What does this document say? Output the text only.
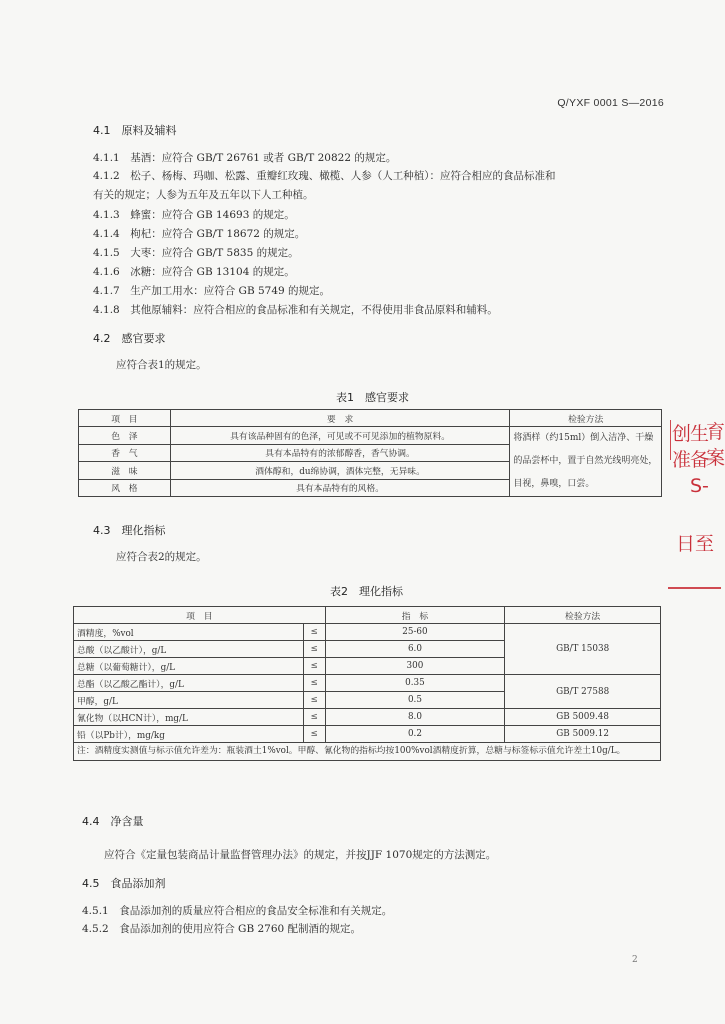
Q/YXF 0001 S—2016
4.1　原料及辅料
4.1.1　基酒：应符合 GB/T 26761 或者 GB/T 20822 的规定。
4.1.2　松子、杨梅、玛咖、松露、重瓣红玫瑰、橄榄、人参（人工种植）：应符合相应的食品标准和
有关的规定；人参为五年及五年以下人工种植。
4.1.3　蜂蜜：应符合 GB 14693 的规定。
4.1.4　枸杞：应符合 GB/T 18672 的规定。
4.1.5　大枣：应符合 GB/T 5835 的规定。
4.1.6　冰糖：应符合 GB 13104 的规定。
4.1.7　生产加工用水：应符合 GB 5749 的规定。
4.1.8　其他原辅料：应符合相应的食品标准和有关规定，不得使用非食品原料和辅料。
4.2　感官要求
应符合表1的规定。
表1　感官要求
项　目	要　求	检验方法
色　泽	具有该品种固有的色泽，可见或不可见添加的植物原料。	将酒样（约15ml）倒入洁净、干燥的品尝杯中，置于自然光线明亮处，目视，鼻嗅，口尝。
香　气	具有本品特有的浓郁醇香，香气协调。	
滋　味	酒体醇和，du绵协调，酒体完整，无异味。	
风　格	具有本品特有的风格。	
4.3　理化指标
应符合表2的规定。
表2　理化指标
项　目		指　标	检验方法
酒精度，%vol	≤	25-60	GB/T 15038
总酸（以乙酸计），g/L	≤	6.0	
总糖（以葡萄糖计），g/L	≤	300	
总酯（以乙酸乙酯计），g/L	≤	0.35	GB/T 27588
甲醇，g/L	≤	0.5	
氰化物（以HCN计），mg/L	≤	8.0	GB 5009.48
铅（以Pb计），mg/kg	≤	0.2	GB 5009.12
注：酒精度实测值与标示值允许差为：瓶装酒土1%vol。甲醇、氰化物的指标均按100%vol酒精度折算，总糖与标签标示值允许差土10g/L。			
4.4　净含量
应符合《定量包装商品计量监督管理办法》的规定，并按JJF 1070规定的方法测定。
4.5　食品添加剂
4.5.1　食品添加剂的质量应符合相应的食品安全标准和有关规定。
4.5.2　食品添加剂的使用应符合 GB 2760 配制酒的规定。
创
生
育
准
备
案
S-
日至
2
